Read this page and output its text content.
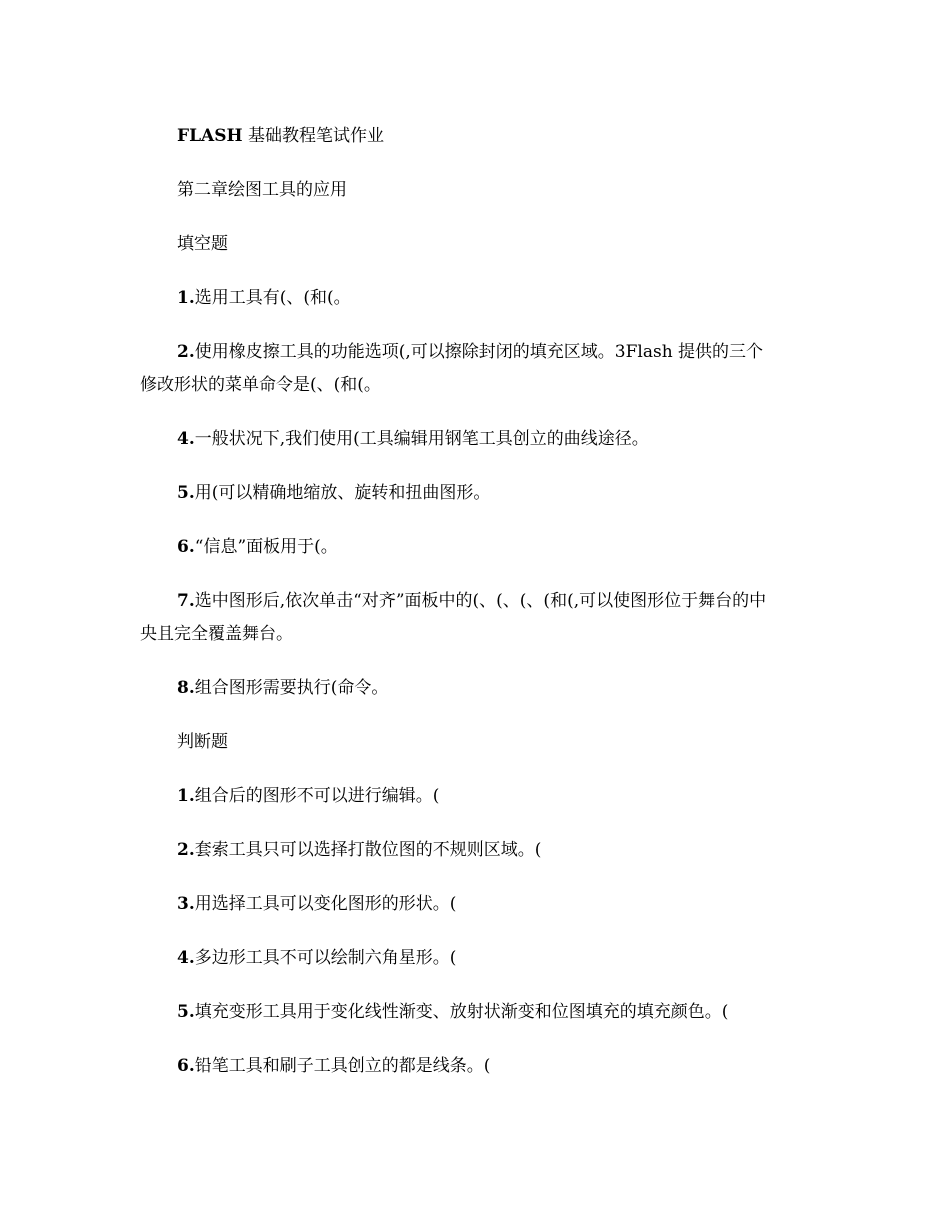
FLASH 基础教程笔试作业
第二章绘图工具的应用
填空题
1.选用工具有(、(和(。
2.使用橡皮擦工具的功能选项(,可以擦除封闭的填充区域。3Flash 提供的三个
修改形状的菜单命令是(、(和(。
4.一般状况下,我们使用(工具编辑用钢笔工具创立的曲线途径。
5.用(可以精确地缩放、旋转和扭曲图形。
6.“信息”面板用于(。
7.选中图形后,依次单击“对齐”面板中的(、(、(、(和(,可以使图形位于舞台的中
央且完全覆盖舞台。
8.组合图形需要执行(命令。
判断题
1.组合后的图形不可以进行编辑。(
2.套索工具只可以选择打散位图的不规则区域。(
3.用选择工具可以变化图形的形状。(
4.多边形工具不可以绘制六角星形。(
5.填充变形工具用于变化线性渐变、放射状渐变和位图填充的填充颜色。(
6.铅笔工具和刷子工具创立的都是线条。(
